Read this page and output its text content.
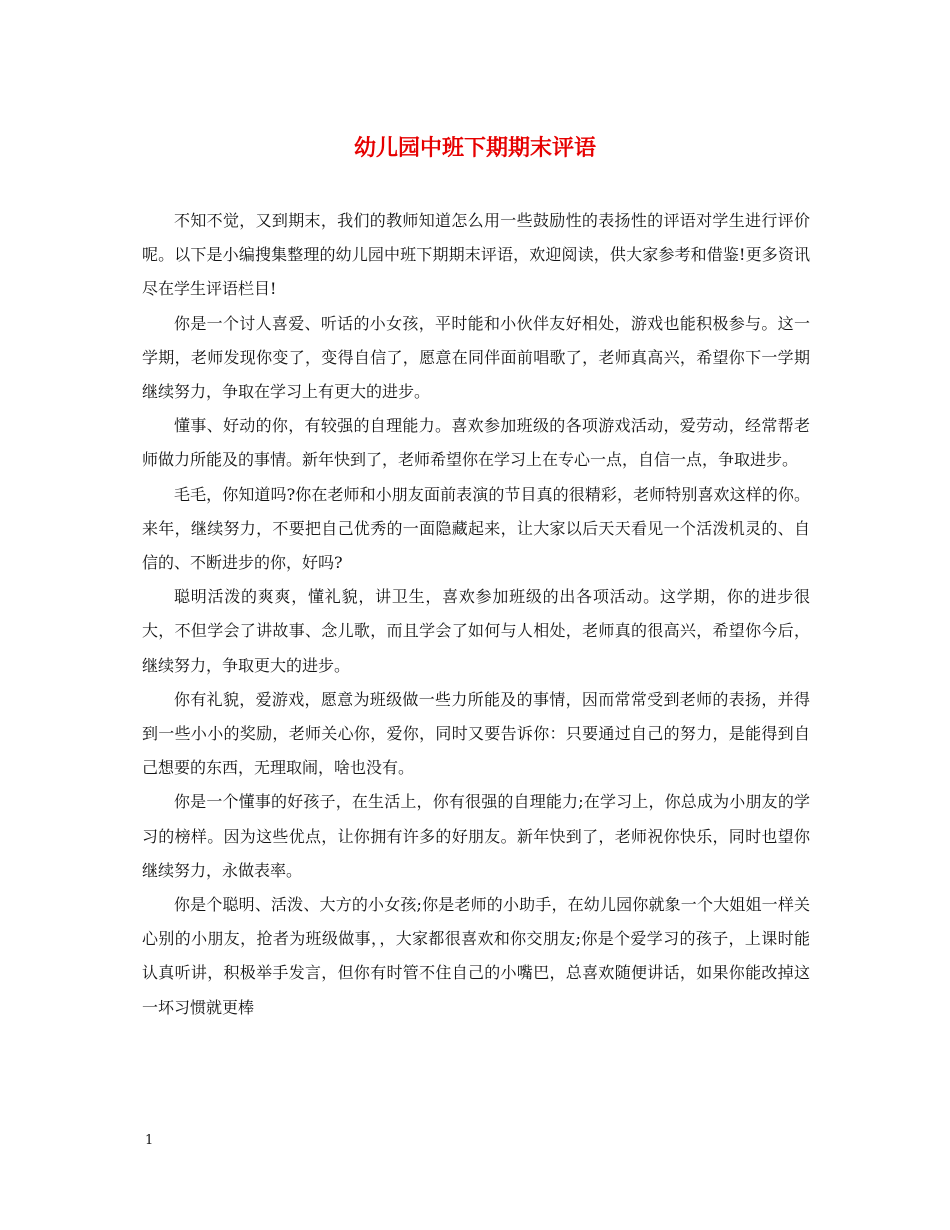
幼儿园中班下期期末评语

不知不觉，又到期末，我们的教师知道怎么用一些鼓励性的表扬性的评语对学生进行评价呢。以下是小编搜集整理的幼儿园中班下期期末评语，欢迎阅读，供大家参考和借鉴!更多资讯尽在学生评语栏目!

你是一个讨人喜爱、听话的小女孩，平时能和小伙伴友好相处，游戏也能积极参与。这一学期，老师发现你变了，变得自信了，愿意在同伴面前唱歌了，老师真高兴，希望你下一学期继续努力，争取在学习上有更大的进步。

懂事、好动的你，有较强的自理能力。喜欢参加班级的各项游戏活动，爱劳动，经常帮老师做力所能及的事情。新年快到了，老师希望你在学习上在专心一点，自信一点，争取进步。

毛毛，你知道吗?你在老师和小朋友面前表演的节目真的很精彩，老师特别喜欢这样的你。来年，继续努力，不要把自己优秀的一面隐藏起来，让大家以后天天看见一个活泼机灵的、自信的、不断进步的你，好吗?

聪明活泼的爽爽，懂礼貌，讲卫生，喜欢参加班级的出各项活动。这学期，你的进步很大，不但学会了讲故事、念儿歌，而且学会了如何与人相处，老师真的很高兴，希望你今后，继续努力，争取更大的进步。

你有礼貌，爱游戏，愿意为班级做一些力所能及的事情，因而常常受到老师的表扬，并得到一些小小的奖励，老师关心你，爱你，同时又要告诉你：只要通过自己的努力，是能得到自己想要的东西，无理取闹，啥也没有。

你是一个懂事的好孩子，在生活上，你有很强的自理能力;在学习上，你总成为小朋友的学习的榜样。因为这些优点，让你拥有许多的好朋友。新年快到了，老师祝你快乐，同时也望你继续努力，永做表率。

你是个聪明、活泼、大方的小女孩;你是老师的小助手，在幼儿园你就象一个大姐姐一样关心别的小朋友，抢者为班级做事，，大家都很喜欢和你交朋友;你是个爱学习的孩子，上课时能认真听讲，积极举手发言，但你有时管不住自己的小嘴巴，总喜欢随便讲话，如果你能改掉这一坏习惯就更棒

1
